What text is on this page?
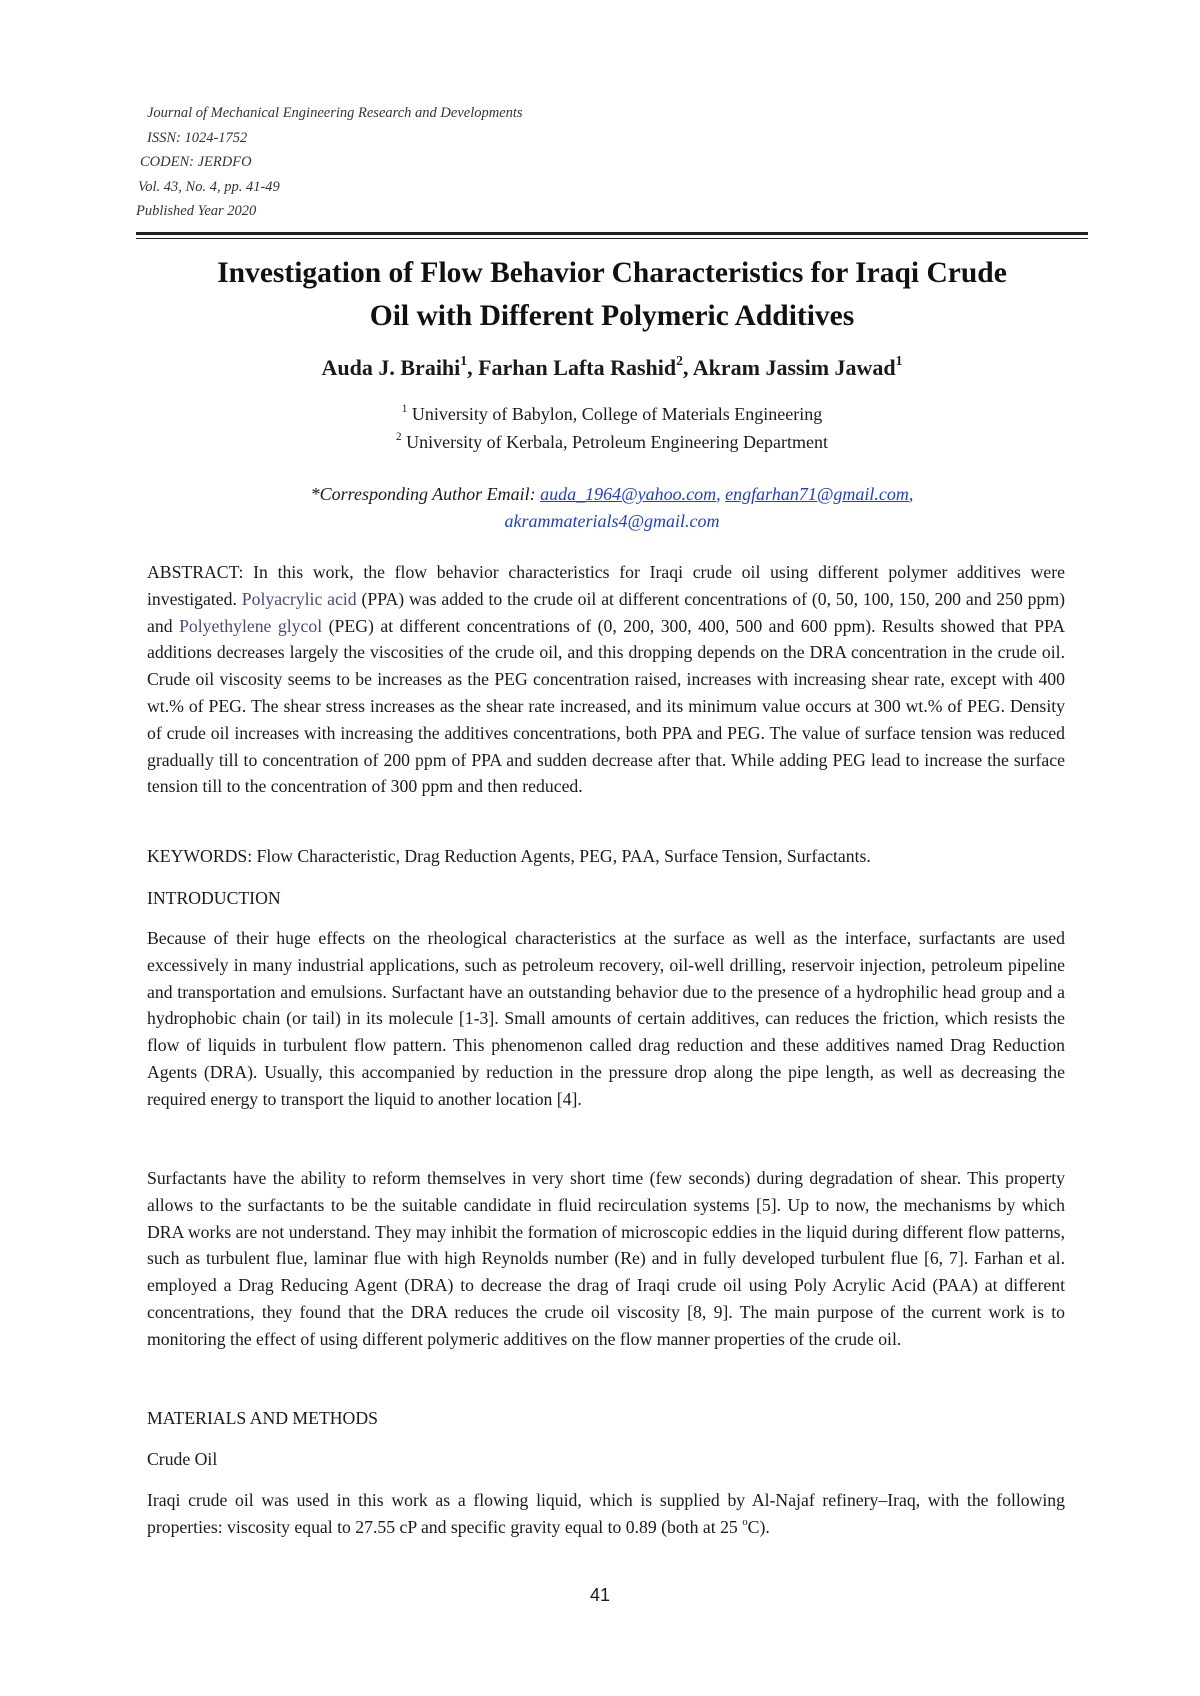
Journal of Mechanical Engineering Research and Developments
ISSN: 1024-1752
CODEN: JERDFO
Vol. 43, No. 4, pp. 41-49
Published Year 2020
Investigation of Flow Behavior Characteristics for Iraqi Crude
Oil with Different Polymeric Additives
Auda J. Braihi$^1$, Farhan Lafta Rashid$^2$, Akram Jassim Jawad$^1$
$^1$ University of Babylon, College of Materials Engineering
$^2$ University of Kerbala, Petroleum Engineering Department
*Corresponding Author Email: auda_1964@yahoo.com, engfarhan71@gmail.com,
akrammaterials4@gmail.com

ABSTRACT: In this work, the flow behavior characteristics for Iraqi crude oil using different polymer additives were investigated. Polyacrylic acid (PPA) was added to the crude oil at different concentrations of (0, 50, 100, 150, 200 and 250 ppm) and Polyethylene glycol (PEG) at different concentrations of (0, 200, 300, 400, 500 and 600 ppm). Results showed that PPA additions decreases largely the viscosities of the crude oil, and this dropping depends on the DRA concentration in the crude oil. Crude oil viscosity seems to be increases as the PEG concentration raised, increases with increasing shear rate, except with 400 wt.% of PEG. The shear stress increases as the shear rate increased, and its minimum value occurs at 300 wt.% of PEG. Density of crude oil increases with increasing the additives concentrations, both PPA and PEG. The value of surface tension was reduced gradually till to concentration of 200 ppm of PPA and sudden decrease after that. While adding PEG lead to increase the surface tension till to the concentration of 300 ppm and then reduced.

KEYWORDS: Flow Characteristic, Drag Reduction Agents, PEG, PAA, Surface Tension, Surfactants.
INTRODUCTION

Because of their huge effects on the rheological characteristics at the surface as well as the interface, surfactants are used excessively in many industrial applications, such as petroleum recovery, oil-well drilling, reservoir injection, petroleum pipeline and transportation and emulsions. Surfactant have an outstanding behavior due to the presence of a hydrophilic head group and a hydrophobic chain (or tail) in its molecule [1-3]. Small amounts of certain additives, can reduces the friction, which resists the flow of liquids in turbulent flow pattern. This phenomenon called drag reduction and these additives named Drag Reduction Agents (DRA). Usually, this accompanied by reduction in the pressure drop along the pipe length, as well as decreasing the required energy to transport the liquid to another location [4].

Surfactants have the ability to reform themselves in very short time (few seconds) during degradation of shear. This property allows to the surfactants to be the suitable candidate in fluid recirculation systems [5]. Up to now, the mechanisms by which DRA works are not understand. They may inhibit the formation of microscopic eddies in the liquid during different flow patterns, such as turbulent flue, laminar flue with high Reynolds number (Re) and in fully developed turbulent flue [6, 7]. Farhan et al. employed a Drag Reducing Agent (DRA) to decrease the drag of Iraqi crude oil using Poly Acrylic Acid (PAA) at different concentrations, they found that the DRA reduces the crude oil viscosity [8, 9]. The main purpose of the current work is to monitoring the effect of using different polymeric additives on the flow manner properties of the crude oil.

MATERIALS AND METHODS
Crude Oil

Iraqi crude oil was used in this work as a flowing liquid, which is supplied by Al-Najaf refinery–Iraq, with the following properties: viscosity equal to 27.55 cP and specific gravity equal to 0.89 (both at 25 $^o$C).

41
